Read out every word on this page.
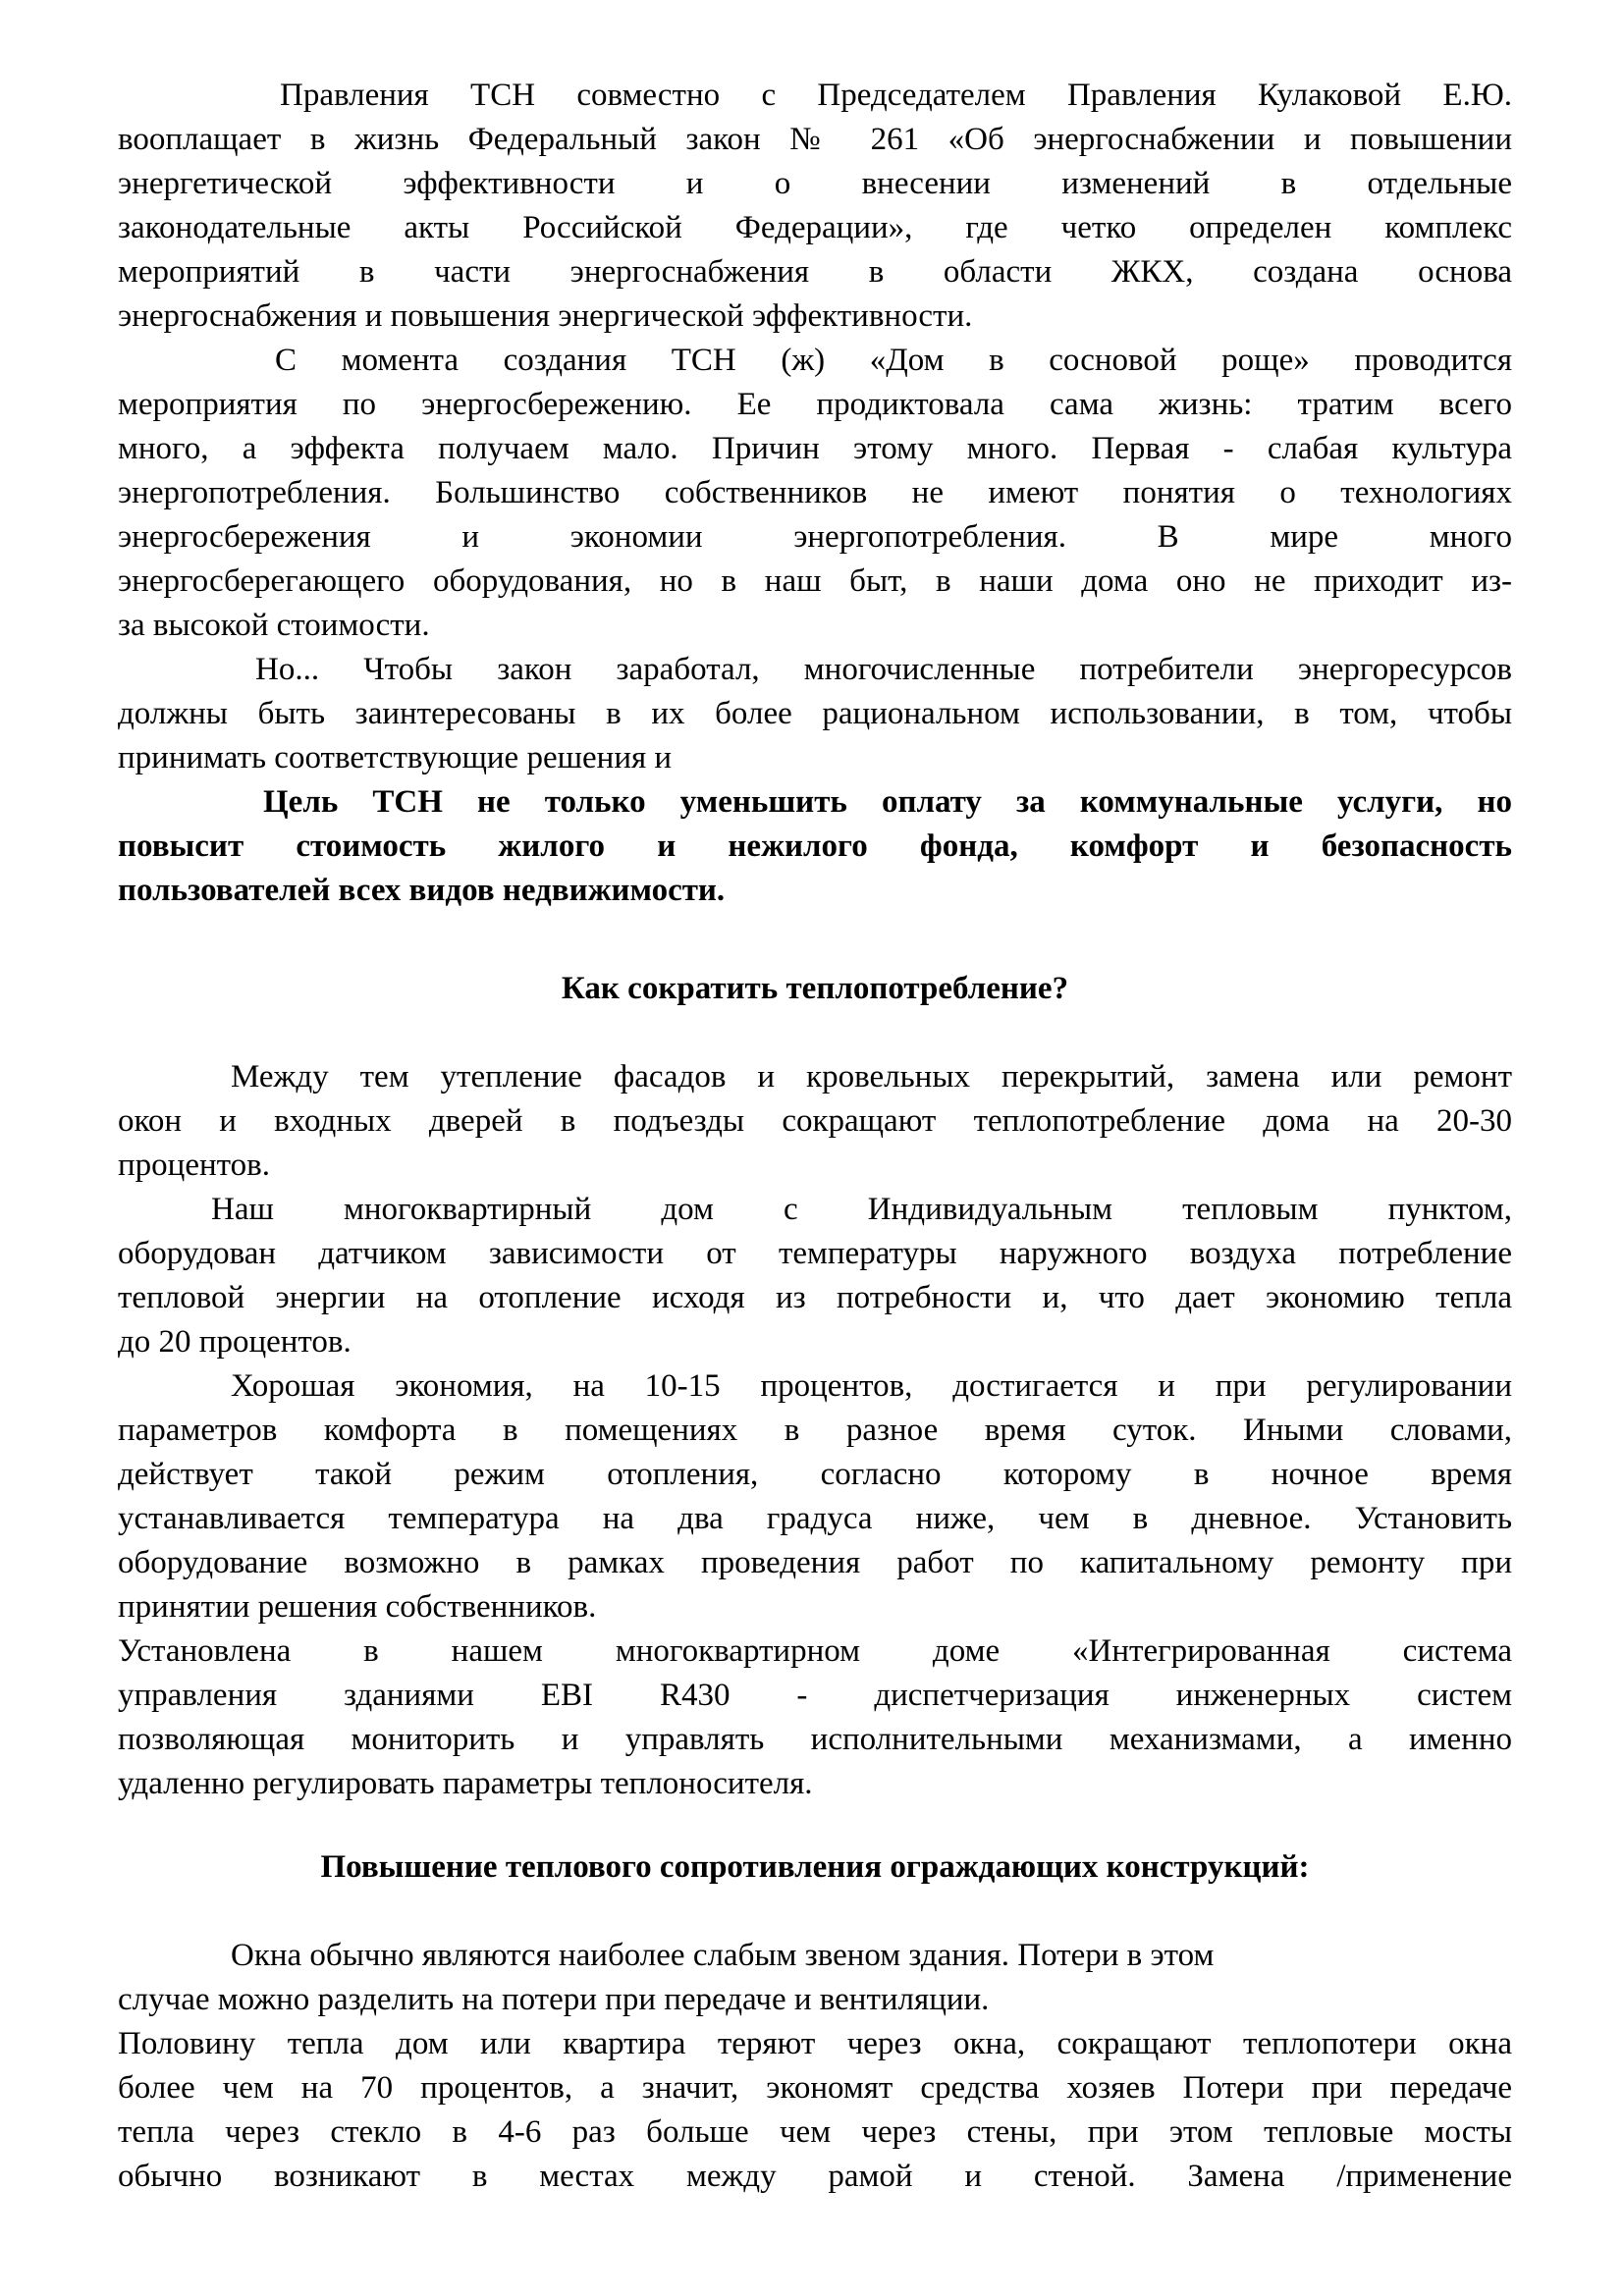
Правления ТСН совместно с Председателем Правления Кулаковой Е.Ю.
вооплащает в жизнь Федеральный закон № 261 «Об энергоснабжении и повышении
энергетической эффективности и о внесении изменений в отдельные
законодательные акты Российской Федерации», где четко определен комплекс
мероприятий в части энергоснабжения в области ЖКХ, создана основа
энергоснабжения и повышения энергической эффективности.
С момента создания ТСН (ж) «Дом в сосновой роще» проводится
мероприятия по энергосбережению. Ее продиктовала сама жизнь: тратим всего
много, а эффекта получаем мало. Причин этому много. Первая - слабая культура
энергопотребления. Большинство собственников не имеют понятия о технологиях
энергосбережения и экономии энергопотребления. В мире много
энергосберегающего оборудования, но в наш быт, в наши дома оно не приходит из-
за высокой стоимости.
Но... Чтобы закон заработал, многочисленные потребители энергоресурсов
должны быть заинтересованы в их более рациональном использовании, в том, чтобы
принимать соответствующие решения и
Цель ТСН не только уменьшить оплату за коммунальные услуги, но
повысит стоимость жилого и нежилого фонда, комфорт и безопасность
пользователей всех видов недвижимости.
Как сократить теплопотребление?
Между тем утепление фасадов и кровельных перекрытий, замена или ремонт
окон и входных дверей в подъезды сокращают теплопотребление дома на 20-30
процентов.
Наш многоквартирный дом с Индивидуальным тепловым пунктом,
оборудован датчиком зависимости от температуры наружного воздуха потребление
тепловой энергии на отопление исходя из потребности и, что дает экономию тепла
до 20 процентов.
Хорошая экономия, на 10-15 процентов, достигается и при регулировании
параметров комфорта в помещениях в разное время суток. Иными словами,
действует такой режим отопления, согласно которому в ночное время
устанавливается температура на два градуса ниже, чем в дневное. Установить
оборудование возможно в рамках проведения работ по капитальному ремонту при
принятии решения собственников.
Установлена в нашем многоквартирном доме «Интегрированная система
управления зданиями EBI R430 - диспетчеризация инженерных систем
позволяющая мониторить и управлять исполнительными механизмами, а именно
удаленно регулировать параметры теплоносителя.
Повышение теплового сопротивления ограждающих конструкций:
Окна обычно являются наиболее слабым звеном здания. Потери в этом
случае можно разделить на потери при передаче и вентиляции.
Половину тепла дом или квартира теряют через окна, сокращают теплопотери окна
более чем на 70 процентов, а значит, экономят средства хозяев Потери при передаче
тепла через стекло в 4-6 раз больше чем через стены, при этом тепловые мосты
обычно возникают в местах между рамой и стеной. Замена /применение
